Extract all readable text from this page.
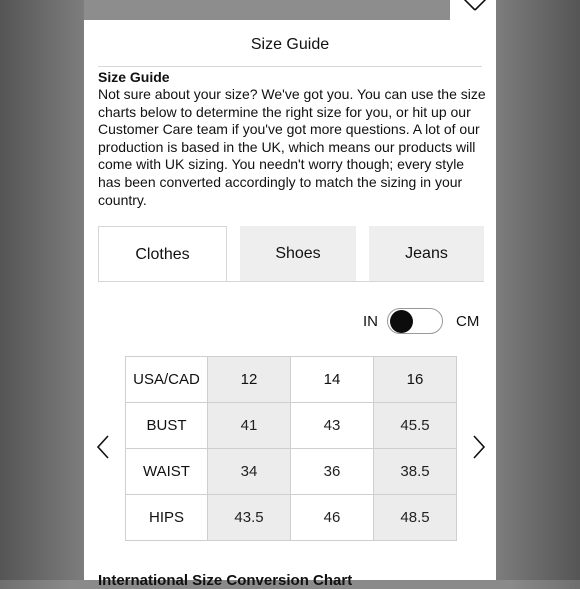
Size Guide
Size Guide
Not sure about your size? We've got you. You can use the size charts below to determine the right size for you, or hit up our Customer Care team if you've got more questions. A lot of our production is based in the UK, which means our products will come with UK sizing. You needn't worry though; every style has been converted accordingly to match the sizing in your country.
Clothes	Shoes	Jeans
IN	CM
USA/CAD	12	14	16
BUST	41	43	45.5
WAIST	34	36	38.5
HIPS	43.5	46	48.5
International Size Conversion Chart
